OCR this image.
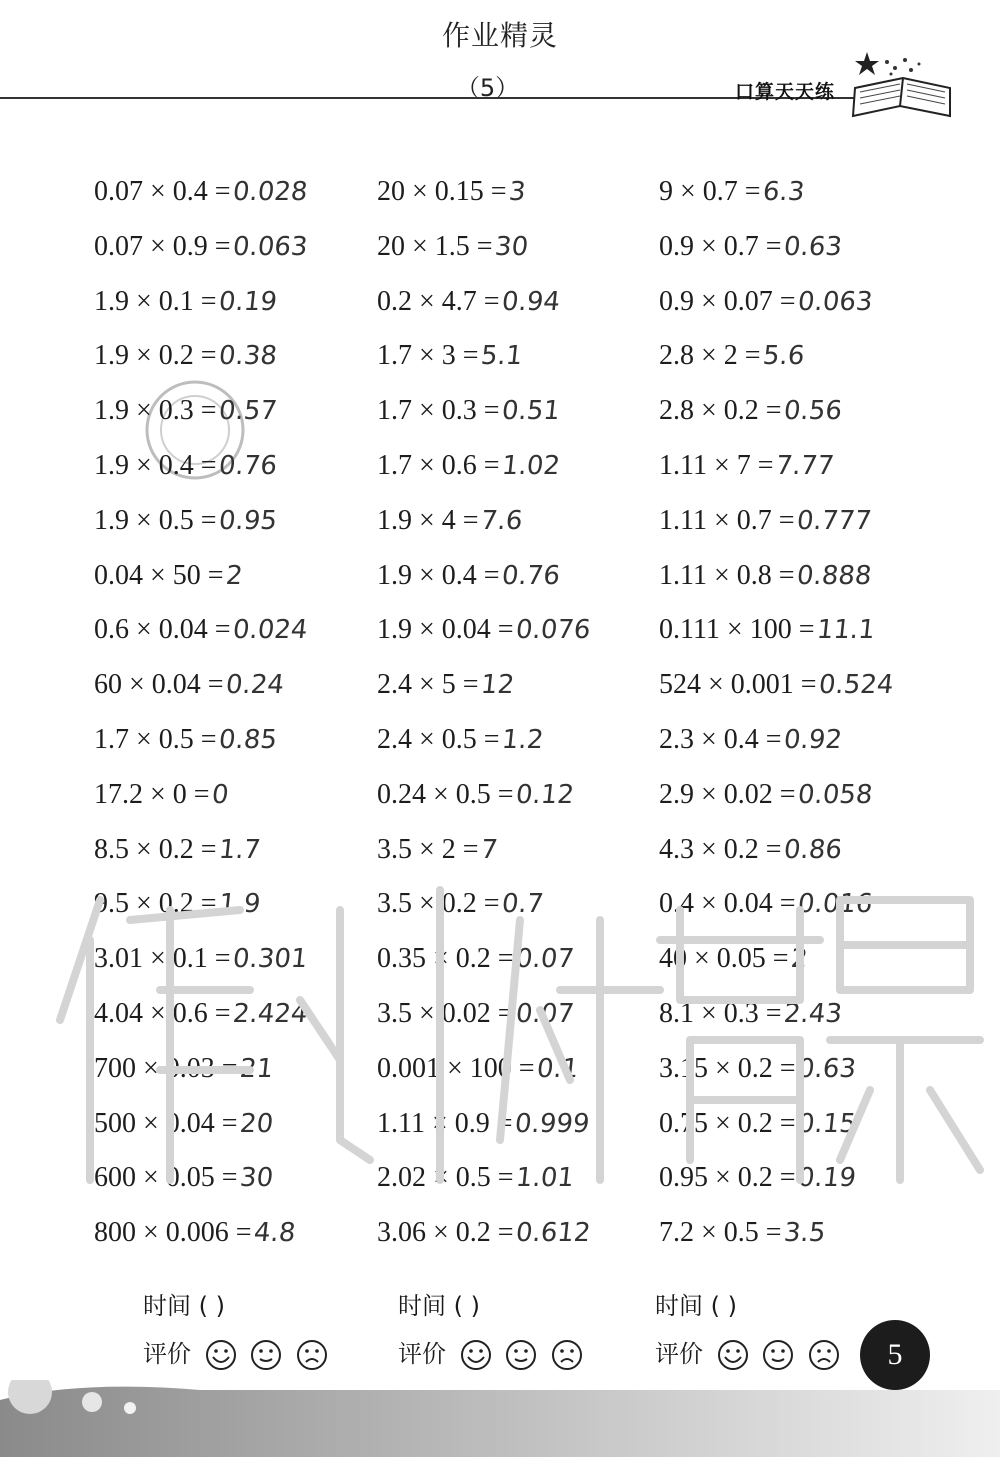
作业精灵
（5）	口算天天练
0.07 × 0.4 =0.028 20 × 0.15 =3	9 × 0.7 =6.3
0.07 × 0.9 =0.063 20 × 1.5 =30	0.9 × 0.7 =0.63
1.9 × 0.1 =0.19	0.2 × 4.7 =0.94	0.9 × 0.07 =0.063
1.9 × 0.2 =0.38	1.7 × 3 =5.1	2.8 × 2 =5.6
1.9 × 0.3 =0.57	1.7 × 0.3 =0.51	2.8 × 0.2 =0.56
1.9 × 0.4 =0.76	1.7 × 0.6 =1.02	1.11 × 7 =7.77
1.9 × 0.5 =0.95	1.9 × 4 =7.6	1.11 × 0.7 =0.777
0.04 × 50 =2	1.9 × 0.4 =0.76	1.11 × 0.8 =0.888
0.6 × 0.04 =0.024 1.9 × 0.04 =0.076 0.111 × 100 =11.1
60 × 0.04 =0.24	2.4 × 5 =12	524 × 0.001 =0.524
1.7 × 0.5 =0.85	2.4 × 0.5 =1.2	2.3 × 0.4 =0.92
17.2 × 0 =0	0.24 × 0.5 =0.12	2.9 × 0.02 =0.058
8.5 × 0.2 =1.7	3.5 × 2 =7	4.3 × 0.2 =0.86
9.5 × 0.2 =1.9	3.5 × 0.2 =0.7	0.4 × 0.04 =0.016
3.01 × 0.1 =0.301 0.35 × 0.2 =0.07	40 × 0.05 =2
4.04 × 0.6 =2.424 3.5 × 0.02 =0.07	8.1 × 0.3 =2.43
700 × 0.03 =21	0.001 × 100 =0.1	3.15 × 0.2 =0.63
500 × 0.04 =20	1.11 × 0.9 =0.999 0.75 × 0.2 =0.15
600 × 0.05 =30	2.02 × 0.5 =1.01	0.95 × 0.2 =0.19
800 × 0.006 =4.8	3.06 × 0.2 =0.612 7.2 × 0.5 =3.5
时间 ( )	时间 ( )	时间 ( )
评价	评价	评价	5
